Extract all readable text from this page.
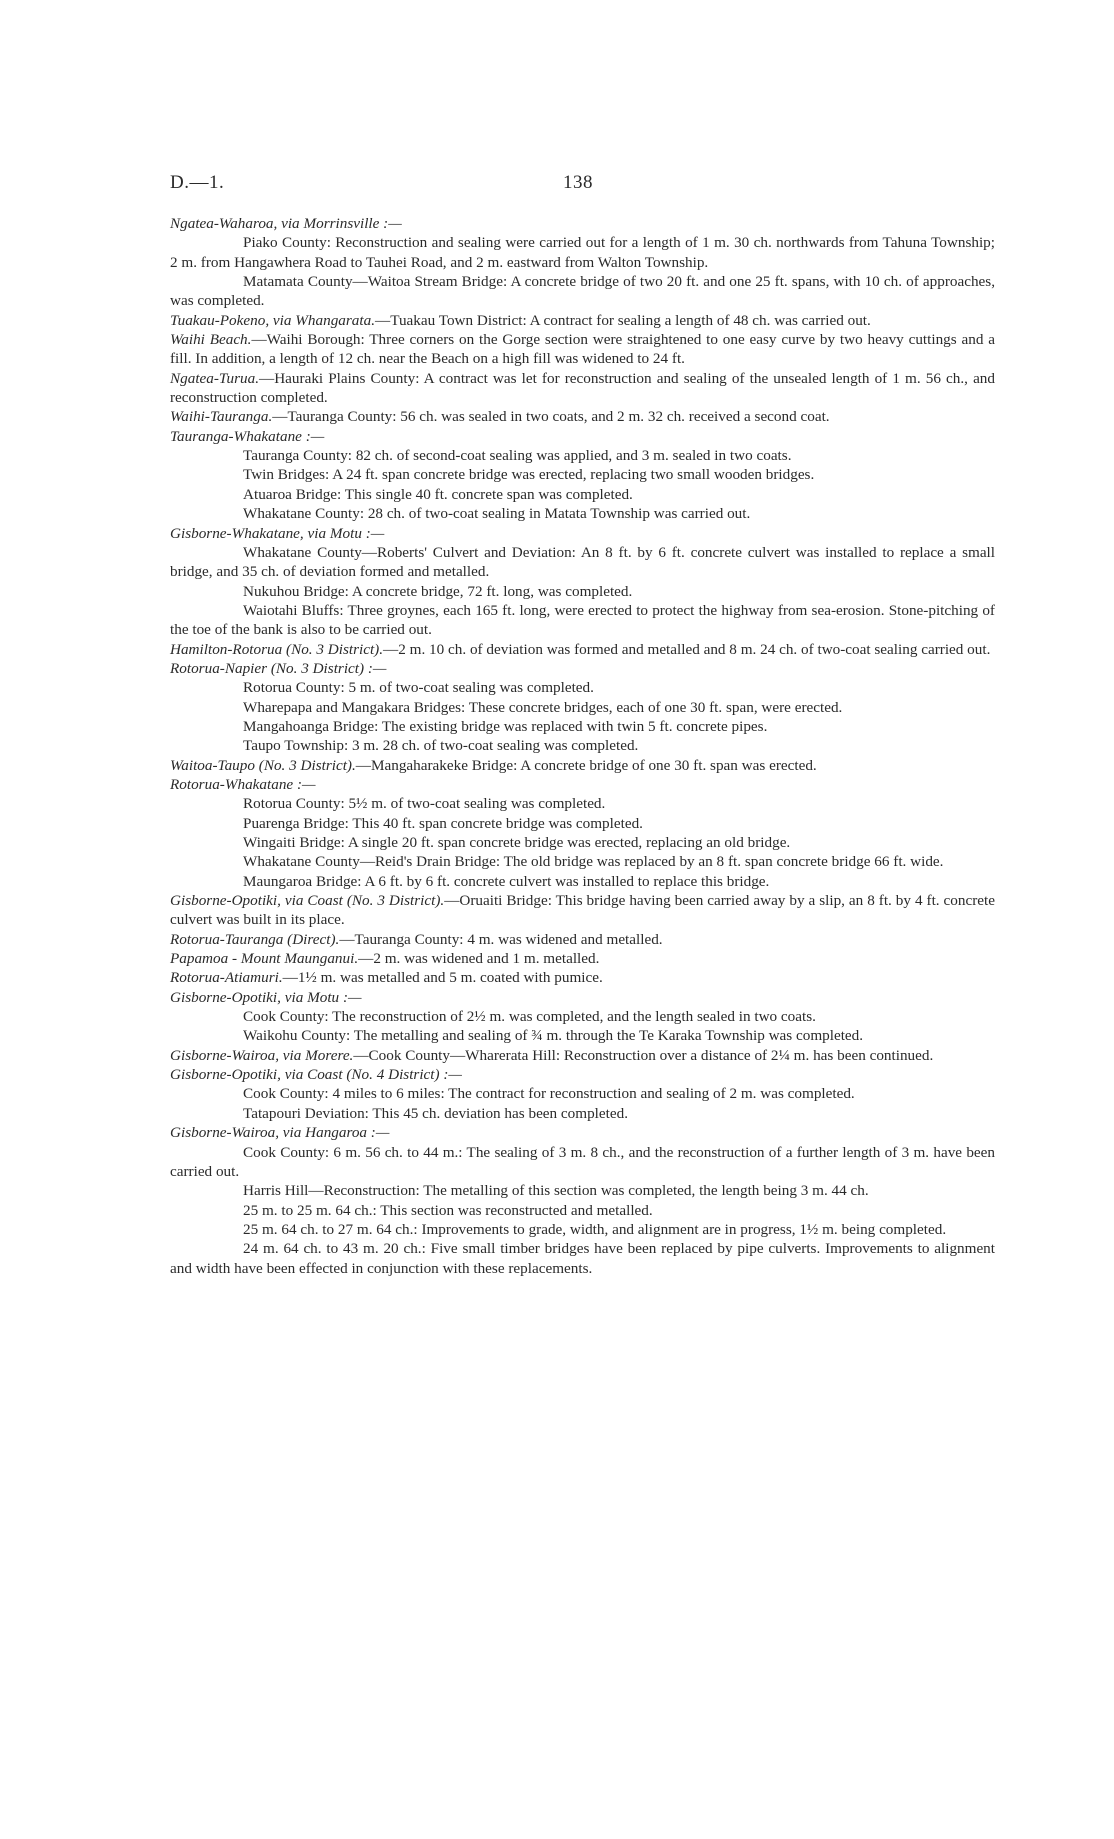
D.—1.	138
Ngatea-Waharoa, via Morrinsville :—
Piako County: Reconstruction and sealing were carried out for a length of 1 m. 30 ch. northwards from Tahuna Township; 2 m. from Hangawhera Road to Tauhei Road, and 2 m. eastward from Walton Township.
Matamata County—Waitoa Stream Bridge: A concrete bridge of two 20 ft. and one 25 ft. spans, with 10 ch. of approaches, was completed.
Tuakau-Pokeno, via Whangarata.—Tuakau Town District: A contract for sealing a length of 48 ch. was carried out.
Waihi Beach.—Waihi Borough: Three corners on the Gorge section were straightened to one easy curve by two heavy cuttings and a fill. In addition, a length of 12 ch. near the Beach on a high fill was widened to 24 ft.
Ngatea-Turua.—Hauraki Plains County: A contract was let for reconstruction and sealing of the unsealed length of 1 m. 56 ch., and reconstruction completed.
Waihi-Tauranga.—Tauranga County: 56 ch. was sealed in two coats, and 2 m. 32 ch. received a second coat.
Tauranga-Whakatane :—
Tauranga County: 82 ch. of second-coat sealing was applied, and 3 m. sealed in two coats.
Twin Bridges: A 24 ft. span concrete bridge was erected, replacing two small wooden bridges.
Atuaroa Bridge: This single 40 ft. concrete span was completed.
Whakatane County: 28 ch. of two-coat sealing in Matata Township was carried out.
Gisborne-Whakatane, via Motu :—
Whakatane County—Roberts' Culvert and Deviation: An 8 ft. by 6 ft. concrete culvert was installed to replace a small bridge, and 35 ch. of deviation formed and metalled.
Nukuhou Bridge: A concrete bridge, 72 ft. long, was completed.
Waiotahi Bluffs: Three groynes, each 165 ft. long, were erected to protect the highway from sea-erosion. Stone-pitching of the toe of the bank is also to be carried out.
Hamilton-Rotorua (No. 3 District).—2 m. 10 ch. of deviation was formed and metalled and 8 m. 24 ch. of two-coat sealing carried out.
Rotorua-Napier (No. 3 District) :—
Rotorua County: 5 m. of two-coat sealing was completed.
Wharepapa and Mangakara Bridges: These concrete bridges, each of one 30 ft. span, were erected.
Mangahoanga Bridge: The existing bridge was replaced with twin 5 ft. concrete pipes.
Taupo Township: 3 m. 28 ch. of two-coat sealing was completed.
Waitoa-Taupo (No. 3 District).—Mangaharakeke Bridge: A concrete bridge of one 30 ft. span was erected.
Rotorua-Whakatane :—
Rotorua County: 5½ m. of two-coat sealing was completed.
Puarenga Bridge: This 40 ft. span concrete bridge was completed.
Wingaiti Bridge: A single 20 ft. span concrete bridge was erected, replacing an old bridge.
Whakatane County—Reid's Drain Bridge: The old bridge was replaced by an 8 ft. span concrete bridge 66 ft. wide.
Maungaroa Bridge: A 6 ft. by 6 ft. concrete culvert was installed to replace this bridge.
Gisborne-Opotiki, via Coast (No. 3 District).—Oruaiti Bridge: This bridge having been carried away by a slip, an 8 ft. by 4 ft. concrete culvert was built in its place.
Rotorua-Tauranga (Direct).—Tauranga County: 4 m. was widened and metalled.
Papamoa - Mount Maunganui.—2 m. was widened and 1 m. metalled.
Rotorua-Atiamuri.—1½ m. was metalled and 5 m. coated with pumice.
Gisborne-Opotiki, via Motu :—
Cook County: The reconstruction of 2½ m. was completed, and the length sealed in two coats.
Waikohu County: The metalling and sealing of ¾ m. through the Te Karaka Township was completed.
Gisborne-Wairoa, via Morere.—Cook County—Wharerata Hill: Reconstruction over a distance of 2¼ m. has been continued.
Gisborne-Opotiki, via Coast (No. 4 District) :—
Cook County: 4 miles to 6 miles: The contract for reconstruction and sealing of 2 m. was completed.
Tatapouri Deviation: This 45 ch. deviation has been completed.
Gisborne-Wairoa, via Hangaroa :—
Cook County: 6 m. 56 ch. to 44 m.: The sealing of 3 m. 8 ch., and the reconstruction of a further length of 3 m. have been carried out.
Harris Hill—Reconstruction: The metalling of this section was completed, the length being 3 m. 44 ch.
25 m. to 25 m. 64 ch.: This section was reconstructed and metalled.
25 m. 64 ch. to 27 m. 64 ch.: Improvements to grade, width, and alignment are in progress, 1½ m. being completed.
24 m. 64 ch. to 43 m. 20 ch.: Five small timber bridges have been replaced by pipe culverts. Improvements to alignment and width have been effected in conjunction with these replacements.
